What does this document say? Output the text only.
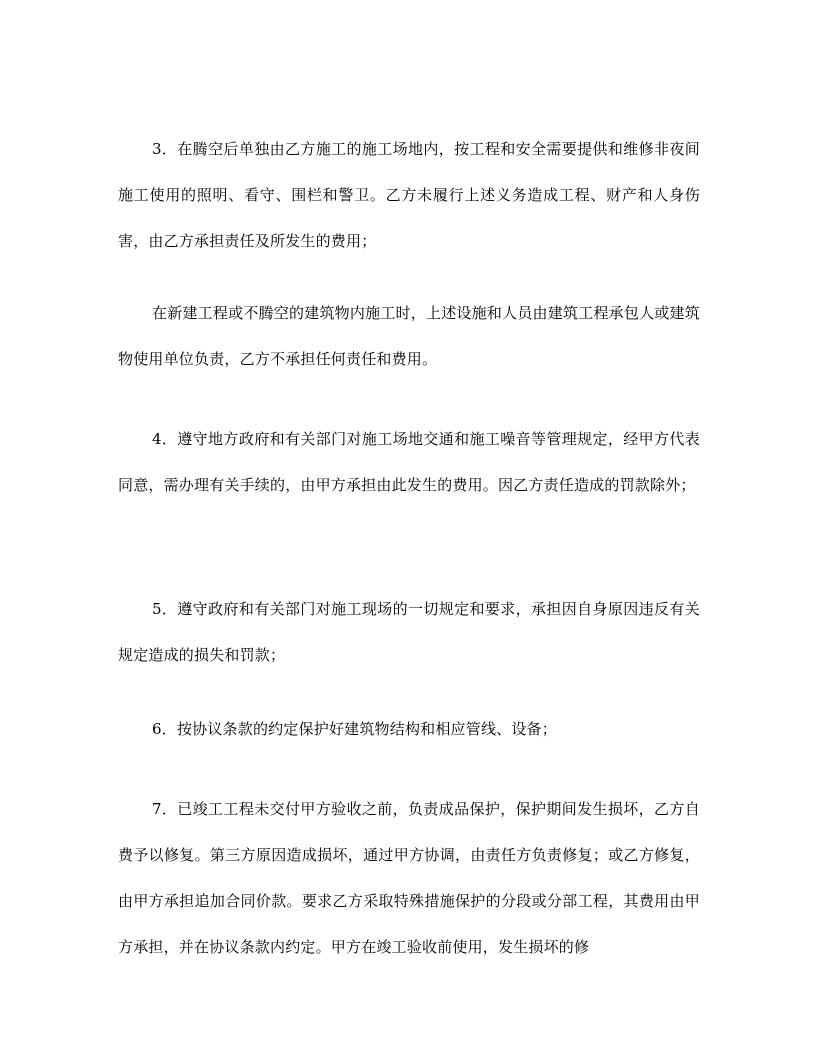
3．在腾空后单独由乙方施工的施工场地内，按工程和安全需要提供和维修非夜间施工使用的照明、看守、围栏和警卫。乙方未履行上述义务造成工程、财产和人身伤害，由乙方承担责任及所发生的费用；

在新建工程或不腾空的建筑物内施工时，上述设施和人员由建筑工程承包人或建筑物使用单位负责，乙方不承担任何责任和费用。

4．遵守地方政府和有关部门对施工场地交通和施工噪音等管理规定，经甲方代表同意，需办理有关手续的，由甲方承担由此发生的费用。因乙方责任造成的罚款除外；

5．遵守政府和有关部门对施工现场的一切规定和要求，承担因自身原因违反有关规定造成的损失和罚款；

6．按协议条款的约定保护好建筑物结构和相应管线、设备；

7．已竣工工程未交付甲方验收之前，负责成品保护，保护期间发生损坏，乙方自费予以修复。第三方原因造成损坏，通过甲方协调，由责任方负责修复；或乙方修复，由甲方承担追加合同价款。要求乙方采取特殊措施保护的分段或分部工程，其费用由甲方承担，并在协议条款内约定。甲方在竣工验收前使用，发生损坏的修
